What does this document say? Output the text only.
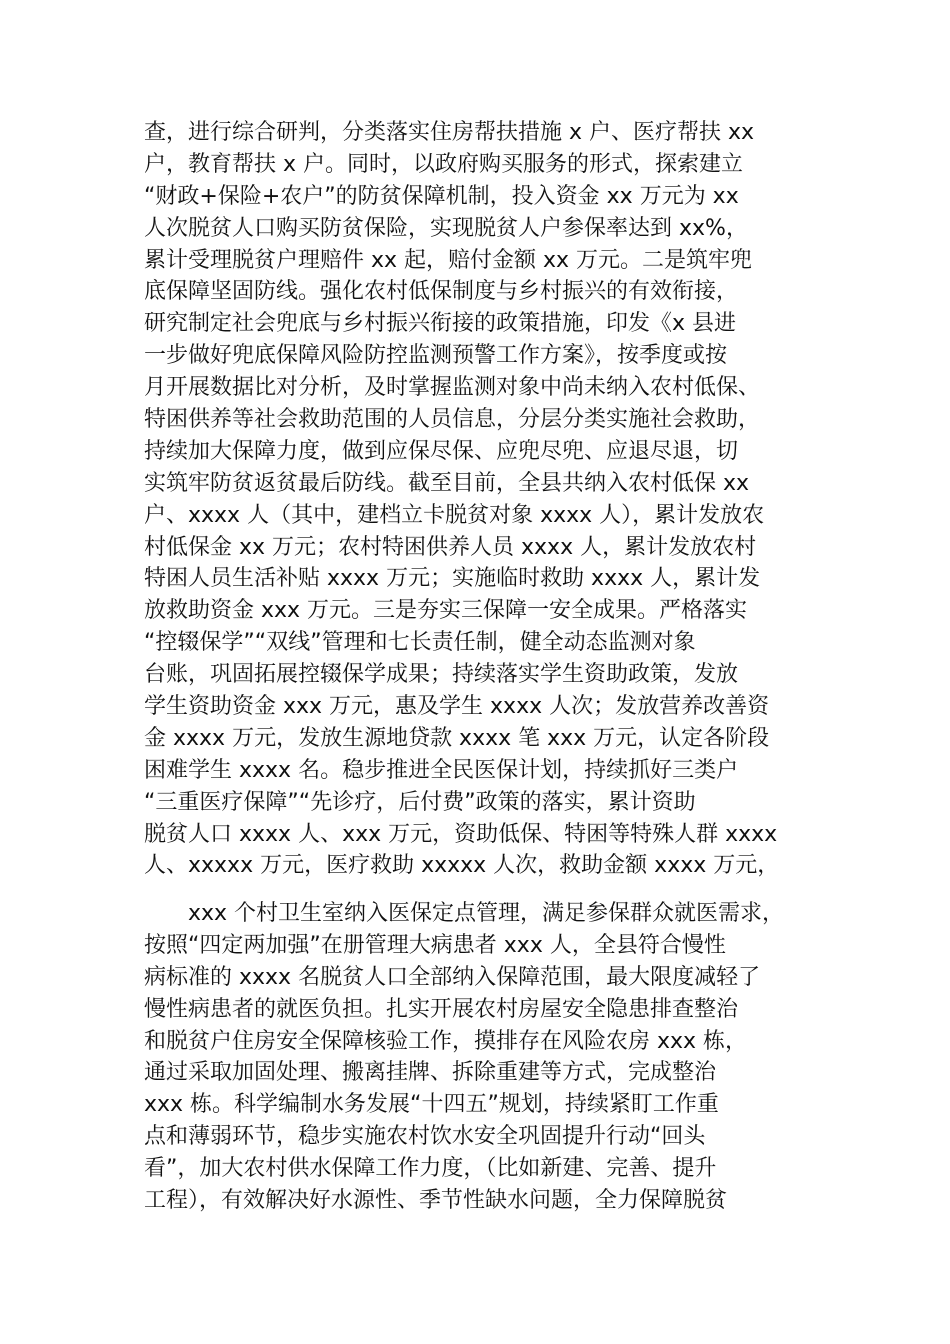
查，进行综合研判，分类落实住房帮扶措施 x 户、医疗帮扶 xx
户，教育帮扶 x 户。同时，以政府购买服务的形式，探索建立
“财政+保险+农户”的防贫保障机制，投入资金 xx 万元为 xx
人次脱贫人口购买防贫保险，实现脱贫人户参保率达到 xx%，
累计受理脱贫户理赔件 xx 起，赔付金额 xx 万元。二是筑牢兜
底保障坚固防线。强化农村低保制度与乡村振兴的有效衔接，
研究制定社会兜底与乡村振兴衔接的政策措施，印发《x 县进
一步做好兜底保障风险防控监测预警工作方案》，按季度或按
月开展数据比对分析，及时掌握监测对象中尚未纳入农村低保、
特困供养等社会救助范围的人员信息，分层分类实施社会救助，
持续加大保障力度，做到应保尽保、应兜尽兜、应退尽退，切
实筑牢防贫返贫最后防线。截至目前，全县共纳入农村低保 xx
户、xxxx 人（其中，建档立卡脱贫对象 xxxx 人），累计发放农
村低保金 xx 万元；农村特困供养人员 xxxx 人，累计发放农村
特困人员生活补贴 xxxx 万元；实施临时救助 xxxx 人，累计发
放救助资金 xxx 万元。三是夯实三保障一安全成果。严格落实
“控辍保学”“双线”管理和七长责任制，健全动态监测对象
台账，巩固拓展控辍保学成果；持续落实学生资助政策，发放
学生资助资金 xxx 万元，惠及学生 xxxx 人次；发放营养改善资
金 xxxx 万元，发放生源地贷款 xxxx 笔 xxx 万元，认定各阶段
困难学生 xxxx 名。稳步推进全民医保计划，持续抓好三类户
“三重医疗保障”“先诊疗，后付费”政策的落实，累计资助
脱贫人口 xxxx 人、xxx 万元，资助低保、特困等特殊人群 xxxx
人、xxxxx 万元，医疗救助 xxxxx 人次，救助金额 xxxx 万元，
　　xxx 个村卫生室纳入医保定点管理，满足参保群众就医需求，
按照“四定两加强”在册管理大病患者 xxx 人，全县符合慢性
病标准的 xxxx 名脱贫人口全部纳入保障范围，最大限度减轻了
慢性病患者的就医负担。扎实开展农村房屋安全隐患排查整治
和脱贫户住房安全保障核验工作，摸排存在风险农房 xxx 栋，
通过采取加固处理、搬离挂牌、拆除重建等方式，完成整治
xxx 栋。科学编制水务发展“十四五”规划，持续紧盯工作重
点和薄弱环节，稳步实施农村饮水安全巩固提升行动“回头
看”，加大农村供水保障工作力度，（比如新建、完善、提升
工程），有效解决好水源性、季节性缺水问题，全力保障脱贫
